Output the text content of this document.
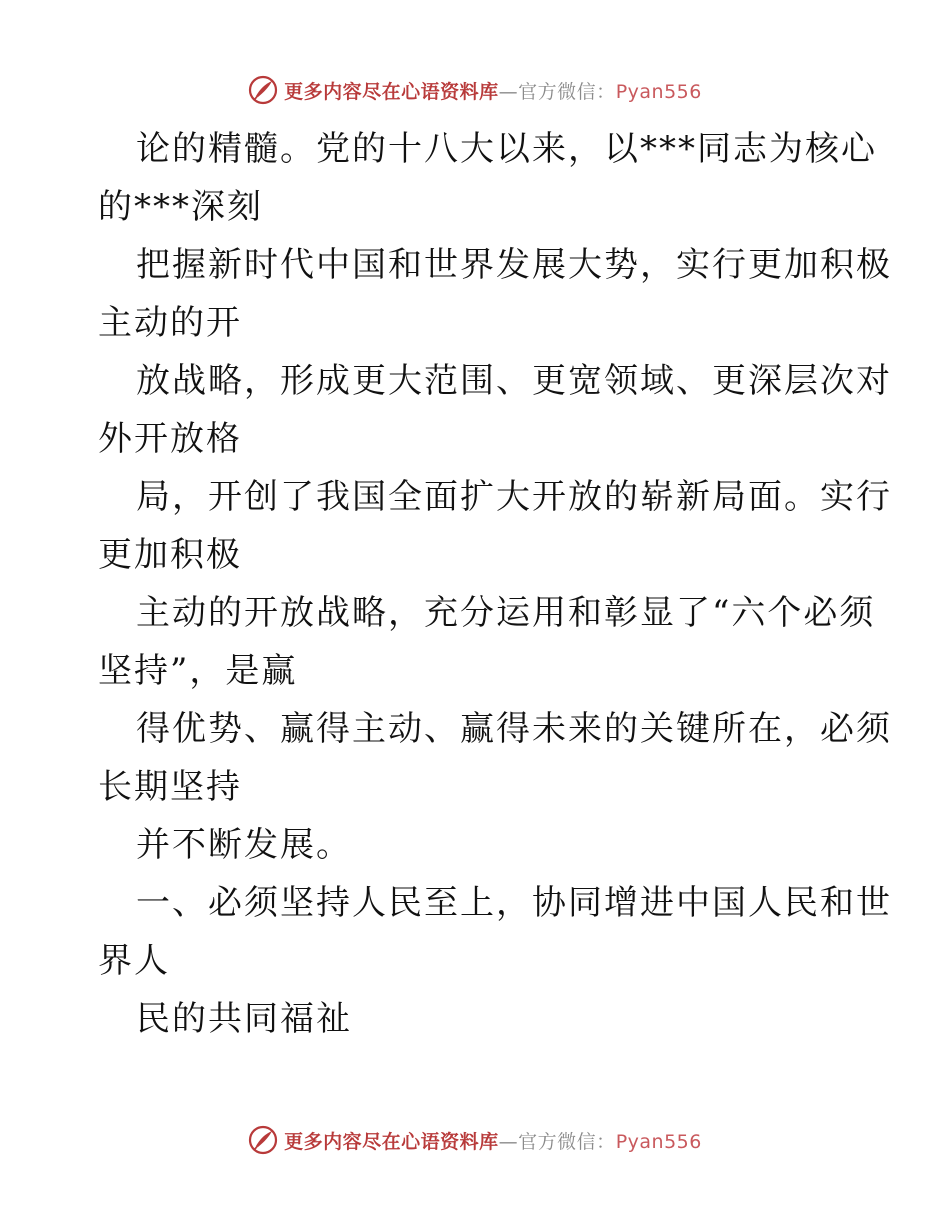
更多内容尽在心语资料库—官方微信：Pyan556
论的精髓。党的十八大以来，以***同志为核心
的***深刻
把握新时代中国和世界发展大势，实行更加积极
主动的开
放战略，形成更大范围、更宽领域、更深层次对
外开放格
局，开创了我国全面扩大开放的崭新局面。实行
更加积极
主动的开放战略，充分运用和彰显了“六个必须
坚持”，是赢
得优势、赢得主动、赢得未来的关键所在，必须
长期坚持
并不断发展。
一、必须坚持人民至上，协同增进中国人民和世
界人
民的共同福祉
更多内容尽在心语资料库—官方微信：Pyan556
